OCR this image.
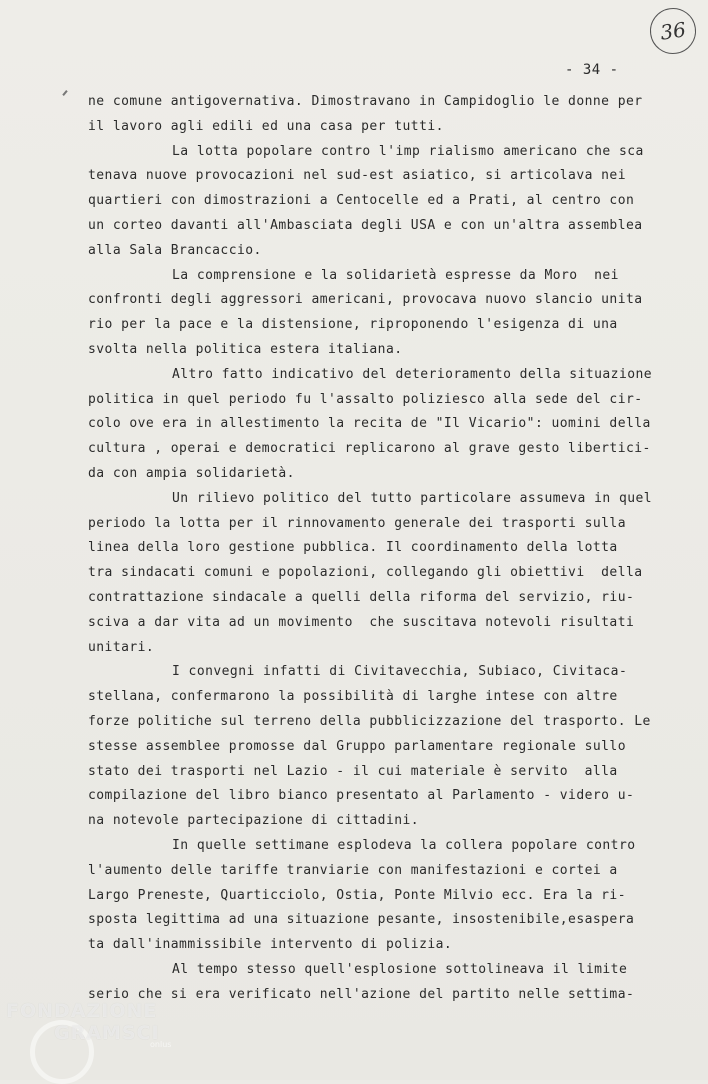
36
- 34 -
ne comune antigovernativa. Dimostravano in Campidoglio le donne per
il lavoro agli edili ed una casa per tutti.
La lotta popolare contro l'imp rialismo americano che sca
tenava nuove provocazioni nel sud-est asiatico, si articolava nei
quartieri con dimostrazioni a Centocelle ed a Prati, al centro con
un corteo davanti all'Ambasciata degli USA e con un'altra assemblea
alla Sala Brancaccio.
La comprensione e la solidarietà espresse da Moro  nei
confronti degli aggressori americani, provocava nuovo slancio unita
rio per la pace e la distensione, riproponendo l'esigenza di una
svolta nella politica estera italiana.
Altro fatto indicativo del deterioramento della situazione
politica in quel periodo fu l'assalto poliziesco alla sede del cir-
colo ove era in allestimento la recita de "Il Vicario": uomini della
cultura , operai e democratici replicarono al grave gesto libertici-
da con ampia solidarietà.
Un rilievo politico del tutto particolare assumeva in quel
periodo la lotta per il rinnovamento generale dei trasporti sulla
linea della loro gestione pubblica. Il coordinamento della lotta
tra sindacati comuni e popolazioni, collegando gli obiettivi  della
contrattazione sindacale a quelli della riforma del servizio, riu-
sciva a dar vita ad un movimento  che suscitava notevoli risultati
unitari.
I convegni infatti di Civitavecchia, Subiaco, Civitaca-
stellana, confermarono la possibilità di larghe intese con altre
forze politiche sul terreno della pubblicizzazione del trasporto. Le
stesse assemblee promosse dal Gruppo parlamentare regionale sullo
stato dei trasporti nel Lazio - il cui materiale è servito  alla
compilazione del libro bianco presentato al Parlamento - videro u-
na notevole partecipazione di cittadini.
In quelle settimane esplodeva la collera popolare contro
l'aumento delle tariffe tranviarie con manifestazioni e cortei a
Largo Prenestе, Quarticciolo, Ostia, Ponte Milvio ecc. Era la ri-
sposta legittima ad una situazione pesante, insostenibile,esaspera
ta dall'inammissibile intervento di polizia.
Al tempo stesso quell'esplosione sottolineava il limite
serio che si era verificato nell'azione del partito nelle settima-
FONDAZIONE
GRAMSCI
onlus
